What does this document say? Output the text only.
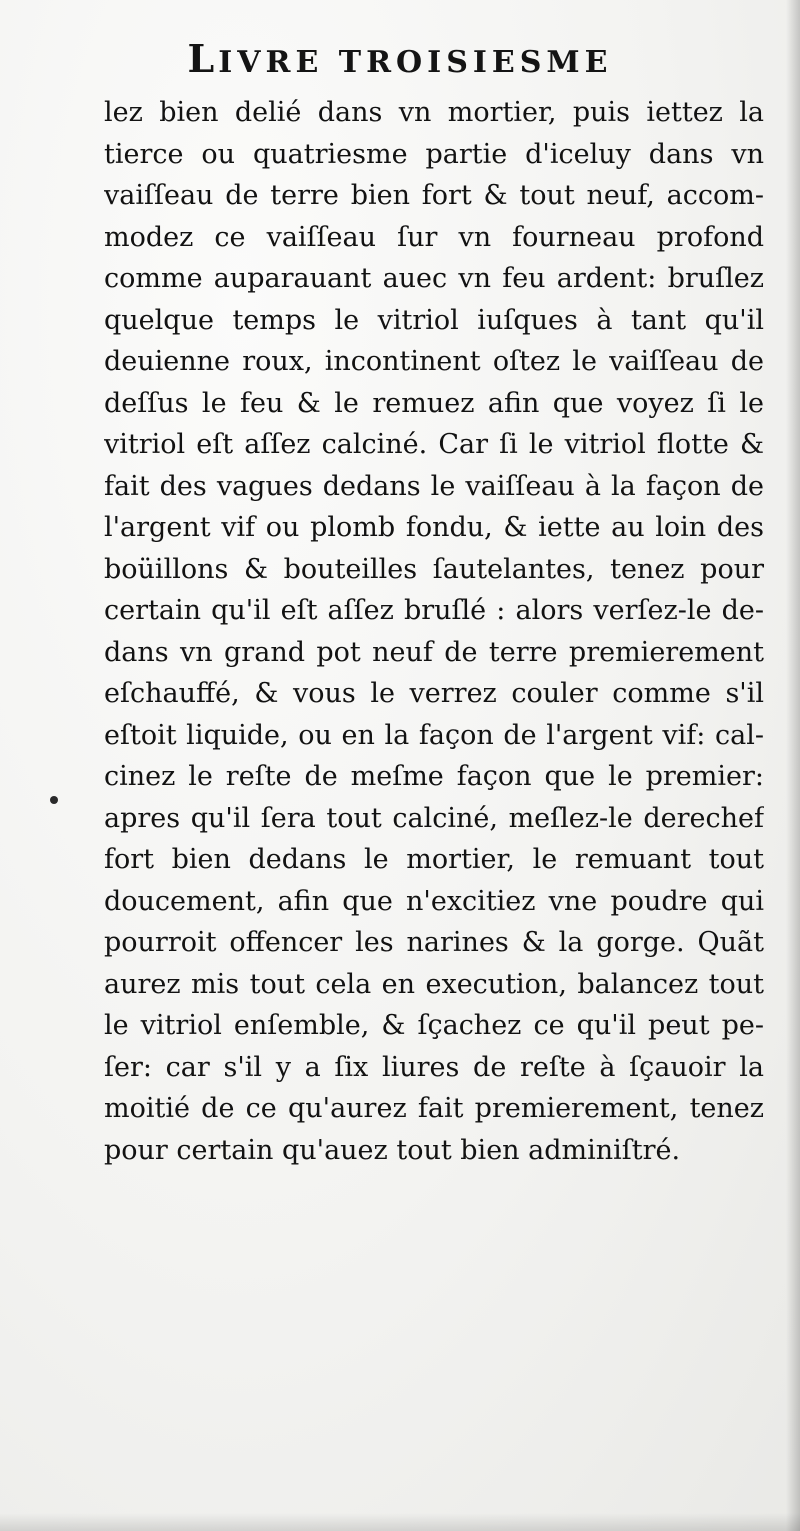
LIVRE TROISIESME
lez bien delié dans vn mortier, puis iettez la
tierce ou quatriesme partie d'iceluy dans vn
vaiſſeau de terre bien fort & tout neuf, accom-
modez ce vaiſſeau ſur vn fourneau profond
comme auparauant auec vn feu ardent: bruſlez
quelque temps le vitriol iuſques à tant qu'il
deuienne roux, incontinent oſtez le vaiſſeau de
deſſus le feu & le remuez afin que voyez ſi le
vitriol eſt aſſez calciné. Car ſi le vitriol flotte &
fait des vagues dedans le vaiſſeau à la façon de
l'argent vif ou plomb fondu, & iette au loin des
boüillons & bouteilles ſautelantes, tenez pour
certain qu'il eſt aſſez bruſlé : alors verſez-le de-
dans vn grand pot neuf de terre premierement
eſchauffé, & vous le verrez couler comme s'il
eſtoit liquide, ou en la façon de l'argent vif: cal-
cinez le reſte de meſme façon que le premier:
apres qu'il ſera tout calciné, meſlez-le derechef
fort bien dedans le mortier, le remuant tout
doucement, afin que n'excitiez vne poudre qui
pourroit offencer les narines & la gorge. Quãt
aurez mis tout cela en execution, balancez tout
le vitriol enſemble, & ſçachez ce qu'il peut pe-
ſer: car s'il y a ſix liures de reſte à ſçauoir la
moitié de ce qu'aurez fait premierement, tenez
pour certain qu'auez tout bien adminiſtré.
